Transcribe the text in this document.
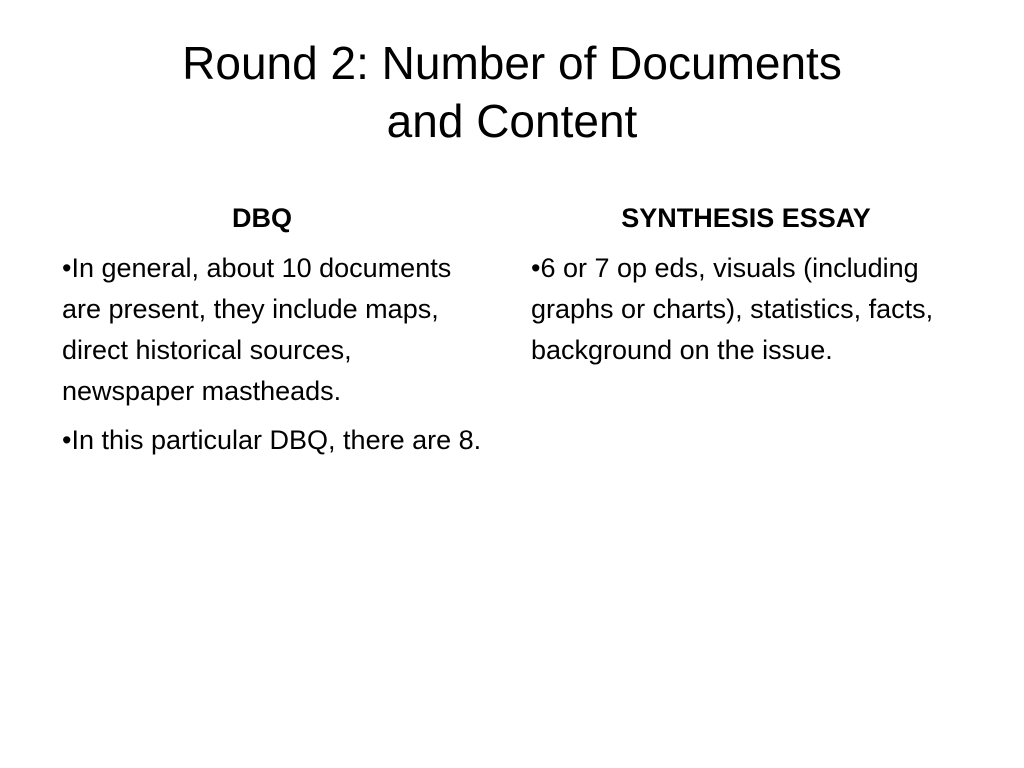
Round 2: Number of Documents
and Content
DBQ
•In general, about 10 documents are present, they include maps, direct historical sources, newspaper mastheads.
•In this particular DBQ, there are 8.
SYNTHESIS ESSAY
•6 or 7 op eds, visuals (including graphs or charts), statistics, facts, background on the issue.
